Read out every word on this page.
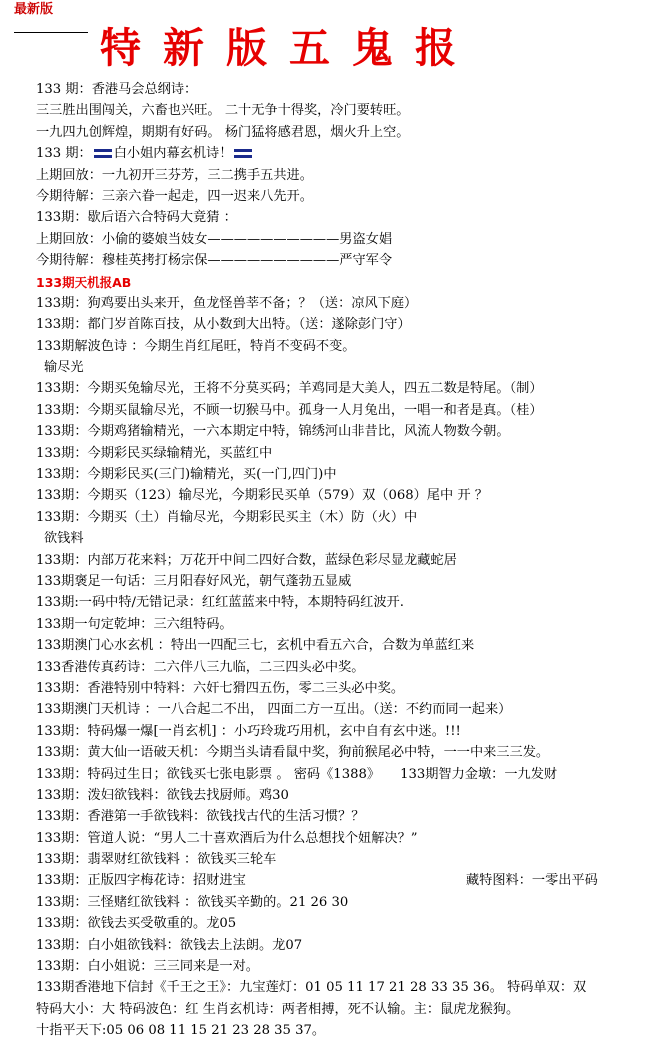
最新版
特新版五鬼报
133 期：香港马会总纲诗：
三三胜出围闯关，六畜也兴旺。 二十无争十得奖，冷门要转旺。
一九四九创辉煌，期期有好码。 杨门猛将感君恩，烟火升上空。
133 期： 白小姐内幕玄机诗！
上期回放：一九初开三芬芳，三二携手五共进。
今期待解：三亲六眷一起走，四一迟来八先开。
133期：歇后语六合特码大竟猜 ：
上期回放：小偷的婆娘当妓女——————————男盗女娼
今期待解：穆桂英拷打杨宗保——————————严守军令
133期天机报AB
133期：狗鸡要出头来开，鱼龙怪兽莘不备；？（送：凉风下庭）
133期：都门岁首陈百技，从小数到大出特。（送：遂除彭门守）
133期解波色诗 ：今期生肖红尾旺，特肖不变码不变。
输尽光
133期：今期买兔输尽光，王将不分莫买码；羊鸡同是大美人，四五二数是特尾。（制）
133期：今期买鼠输尽光，不顾一切猴马中。孤身一人月兔出，一唱一和者是真。（桂）
133期：今期鸡猪输精光，一六本期定中特，锦绣河山非昔比，风流人物数今朝。
133期：今期彩民买绿输精光，买蓝红中
133期：今期彩民买(三门)输精光，买(一门,四门)中
133期：今期买（123）输尽光，今期彩民买单（579）双（068）尾中 开 ？
133期：今期买（土）肖输尽光，今期彩民买主（木）防（火）中
欲钱料
133期：内部万花来料；万花开中间二四好合数，蓝绿色彩尽显龙藏蛇居
133期褒足一句话：三月阳春好风光，朝气蓬勃五显威
133期:一码中特/无错记录：红红蓝蓝来中特，本期特码红波开.
133期一句定乾坤：三六组特码。
133期澳门心水玄机 ：特出一四配三七，玄机中看五六合，合数为单蓝红来
133香港传真药诗：二六伴八三九临，二三四头必中奖。
133期：香港特别中特料：六奸七猾四五伤，零二三头必中奖。
133期澳门天机诗 ：一八合起二不出， 四面二方一互出。（送：不约而同一起来）
133期：特码爆一爆[一肖玄机] ：小巧玲珑巧用机，玄中自有玄中迷。!!!
133期：黄大仙一语破天机：今期当头请看鼠中奖，狗前猴尾必中特，一一中来三三发。
133期：特码过生日；欲钱买七张电影票 。 密码《1388》 133期智力金墩：一九发财
133期：泼妇欲钱料：欲钱去找厨师。鸡30
133期：香港第一手欲钱料：欲钱找古代的生活习惯？？
133期：管道人说：“男人二十喜欢酒后为什么总想找个妞解决？”
133期：翡翠财红欲钱料 ：欲钱买三轮车
133期：正版四字梅花诗：招财进宝	藏特图料：一零出平码
133期：三怪赌红欲钱料 ：欲钱买辛勤的。21 26 30
133期：欲钱去买受敬重的。龙05
133期：白小姐欲钱料：欲钱去上法朗。龙07
133期：白小姐说：三三同来是一对。
133期香港地下信封《千王之王》：九宝莲灯：01 05 11 17 21 28 33 35 36。 特码单双：双
特码大小：大 特码波色：红 生肖玄机诗：两者相搏，死不认输。主：鼠虎龙猴狗。
十指平天下:05 06 08 11 15 21 23 28 35 37。
